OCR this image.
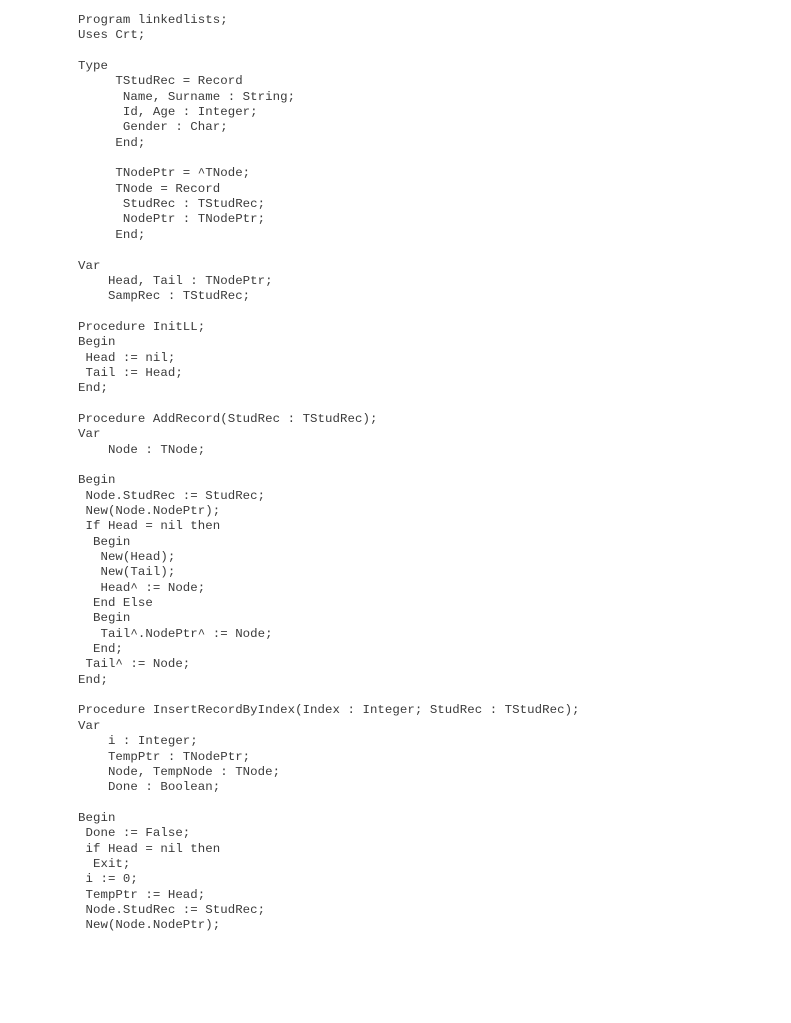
Program linkedlists;
Uses Crt;
Type
TStudRec = Record
Name, Surname : String;
Id, Age : Integer;
Gender : Char;
End;
TNodePtr = ^TNode;
TNode = Record
StudRec : TStudRec;
NodePtr : TNodePtr;
End;
Var
Head, Tail : TNodePtr;
SampRec : TStudRec;
Procedure InitLL;
Begin
Head := nil;
Tail := Head;
End;
Procedure AddRecord(StudRec : TStudRec);
Var
Node : TNode;
Begin
Node.StudRec := StudRec;
New(Node.NodePtr);
If Head = nil then
Begin
New(Head);
New(Tail);
Head^ := Node;
End Else
Begin
Tail^.NodePtr^ := Node;
End;
Tail^ := Node;
End;
Procedure InsertRecordByIndex(Index : Integer; StudRec : TStudRec);
Var
i : Integer;
TempPtr : TNodePtr;
Node, TempNode : TNode;
Done : Boolean;
Begin
Done := False;
if Head = nil then
Exit;
i := 0;
TempPtr := Head;
Node.StudRec := StudRec;
New(Node.NodePtr);
